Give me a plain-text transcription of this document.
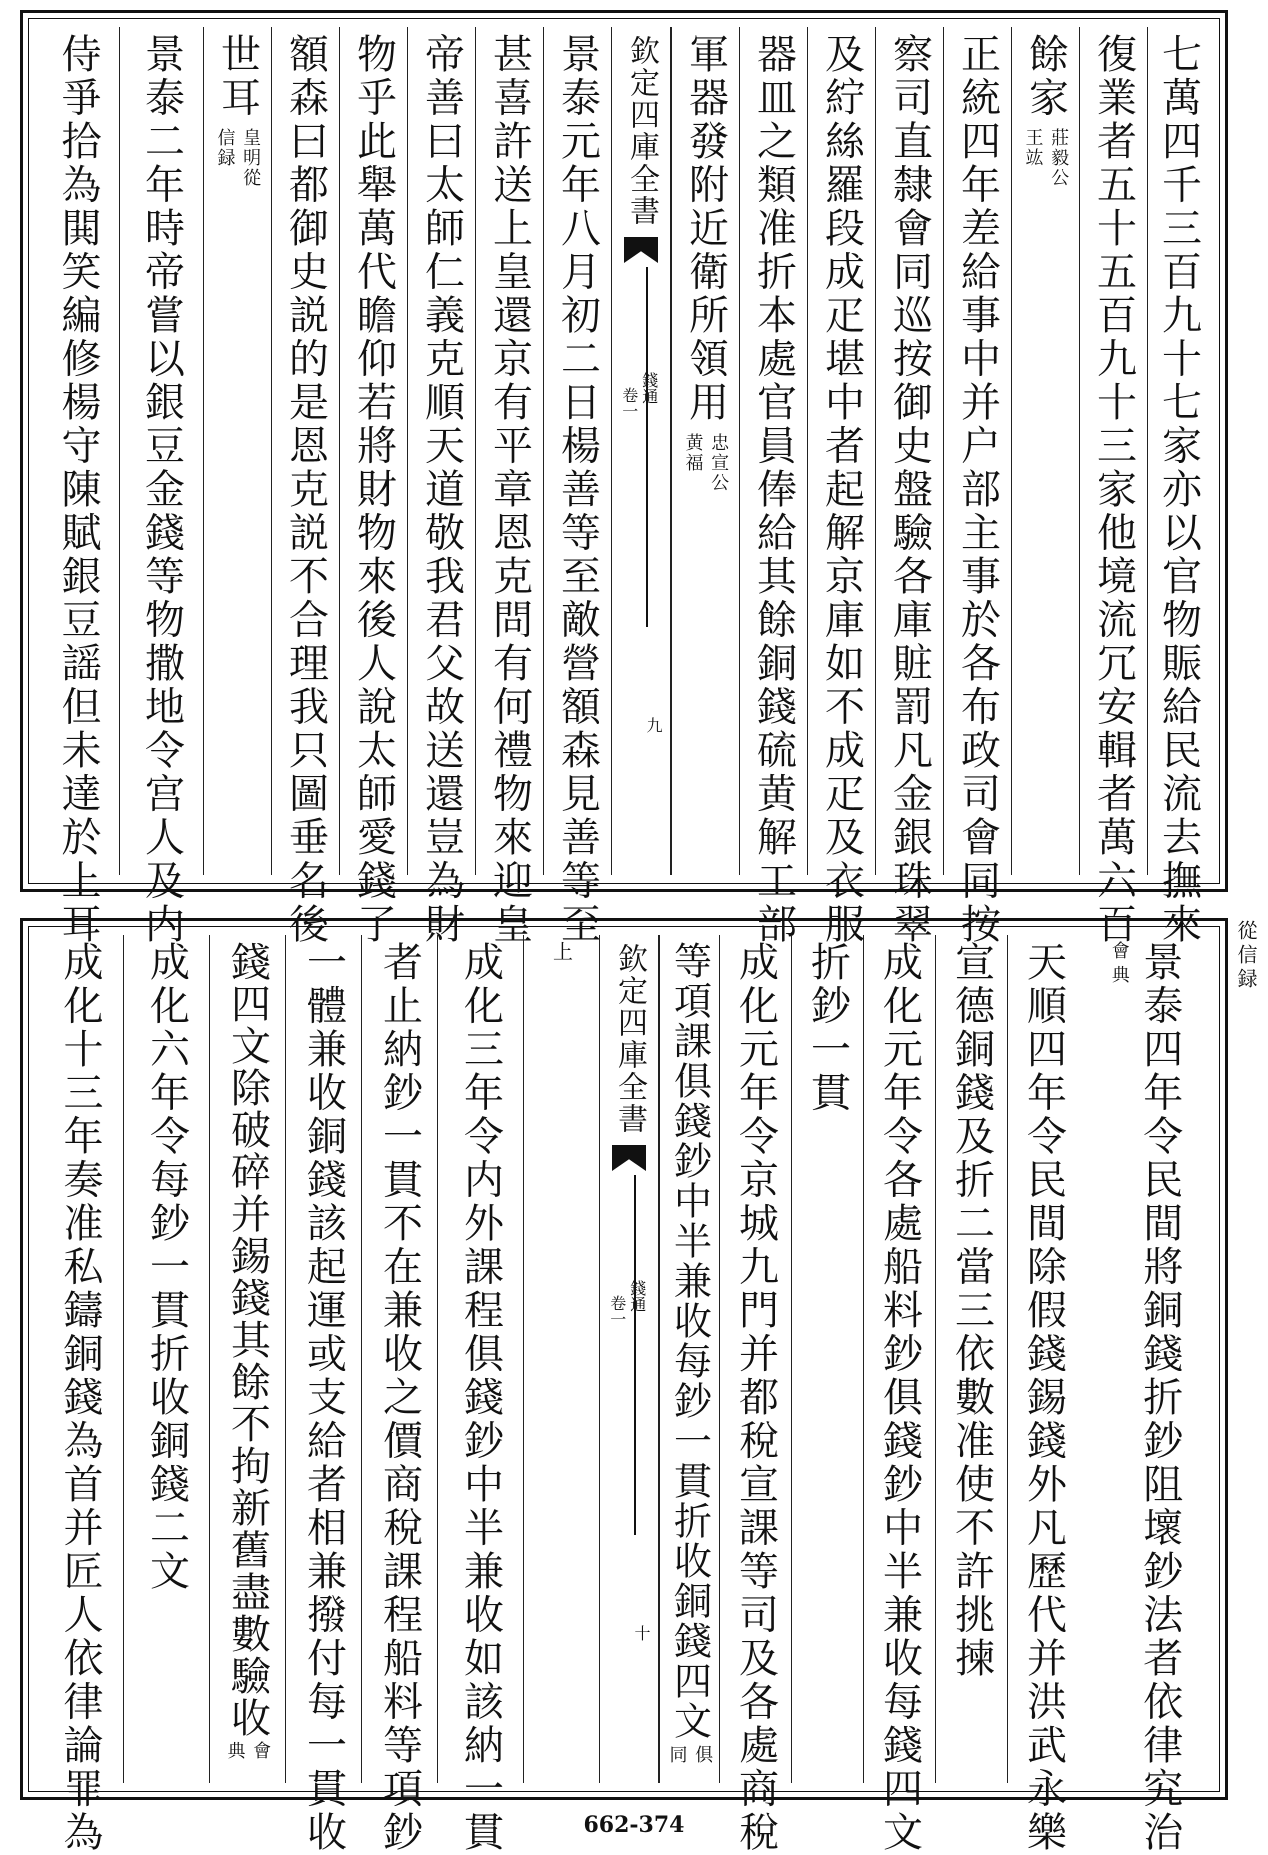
七萬四千三百九十七家亦以官物賑給民流去撫來
復業者五十五百九十三家他境流冗安輯者萬六百
餘家
莊毅公
王竑
正統四年差給事中并户部主事於各布政司會同按
察司直隸會同巡按御史盤驗各庫賍罰凡金銀珠翠
及紵絲羅段成疋堪中者起解京庫如不成疋及衣服
器皿之類准折本處官員俸給其餘銅錢硫黄解工部
軍器發附近衛所領用
忠宣公
黄福
欽定四庫全書
錢通
卷一
九
景泰元年八月初二日楊善等至敵營額森見善等至
甚喜許送上皇還京有平章恩克問有何禮物來迎皇
帝善曰太師仁義克順天道敬我君父故送還豈為財
物乎此舉萬代瞻仰若將財物來後人說太師愛錢了
額森曰都御史説的是恩克説不合理我只圖垂名後
世耳
皇明從
信録
景泰二年時帝嘗以銀豆金錢等物撒地令宫人及内
侍爭拾為閧笑編修楊守陳賦銀豆謡但未達於上耳
從信録
景泰四年令民間將銅錢折鈔阻壞鈔法者依律究治
會
典
天順四年令民間除假錢錫錢外凡歷代并洪武永樂
宣德銅錢及折二當三依數准使不許挑揀
成化元年令各處船料鈔俱錢鈔中半兼收每錢四文
折鈔一貫
成化元年令京城九門并都稅宣課等司及各處商稅
等項課俱錢鈔中半兼收每鈔一貫折收銅錢四文
俱
同
欽定四庫全書
錢通
卷一
十
上
成化三年令内外課程俱錢鈔中半兼收如該納一貫
者止納鈔一貫不在兼收之價商稅課程船料等項鈔
一體兼收銅錢該起運或支給者相兼撥付每一貫收
錢四文除破碎并錫錢其餘不拘新舊盡數驗收
會
典
成化六年令每鈔一貫折收銅錢二文
成化十三年奏准私鑄銅錢為首并匠人依律論罪為	662-374
